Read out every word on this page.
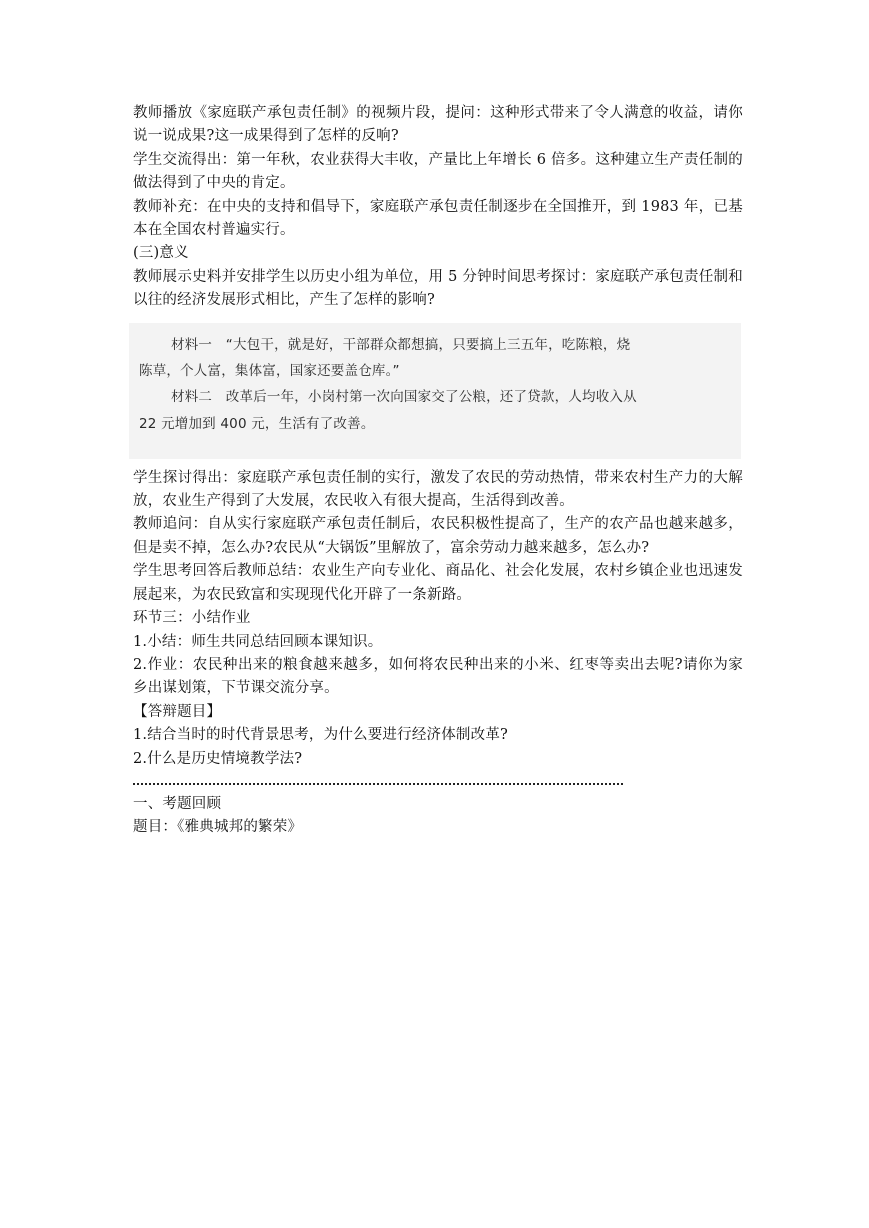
教师播放《家庭联产承包责任制》的视频片段，提问：这种形式带来了令人满意的收益，请你说一说成果?这一成果得到了怎样的反响?

学生交流得出：第一年秋，农业获得大丰收，产量比上年增长 6 倍多。这种建立生产责任制的做法得到了中央的肯定。

教师补充：在中央的支持和倡导下，家庭联产承包责任制逐步在全国推开，到 1983 年，已基本在全国农村普遍实行。

(三)意义

教师展示史料并安排学生以历史小组为单位，用 5 分钟时间思考探讨：家庭联产承包责任制和以往的经济发展形式相比，产生了怎样的影响?

材料一　“大包干，就是好，干部群众都想搞，只要搞上三五年，吃陈粮，烧
陈草，个人富，集体富，国家还要盖仓库。”
材料二　改革后一年，小岗村第一次向国家交了公粮，还了贷款，人均收入从
22 元增加到 400 元，生活有了改善。

学生探讨得出：家庭联产承包责任制的实行，激发了农民的劳动热情，带来农村生产力的大解放，农业生产得到了大发展，农民收入有很大提高，生活得到改善。

教师追问：自从实行家庭联产承包责任制后，农民积极性提高了，生产的农产品也越来越多，但是卖不掉，怎么办?农民从“大锅饭”里解放了，富余劳动力越来越多，怎么办?

学生思考回答后教师总结：农业生产向专业化、商品化、社会化发展，农村乡镇企业也迅速发展起来，为农民致富和实现现代化开辟了一条新路。

环节三：小结作业

1.小结：师生共同总结回顾本课知识。

2.作业：农民种出来的粮食越来越多，如何将农民种出来的小米、红枣等卖出去呢?请你为家乡出谋划策，下节课交流分享。

【答辩题目】

1.结合当时的时代背景思考，为什么要进行经济体制改革?

2.什么是历史情境教学法?

一、考题回顾

题目：《雅典城邦的繁荣》
